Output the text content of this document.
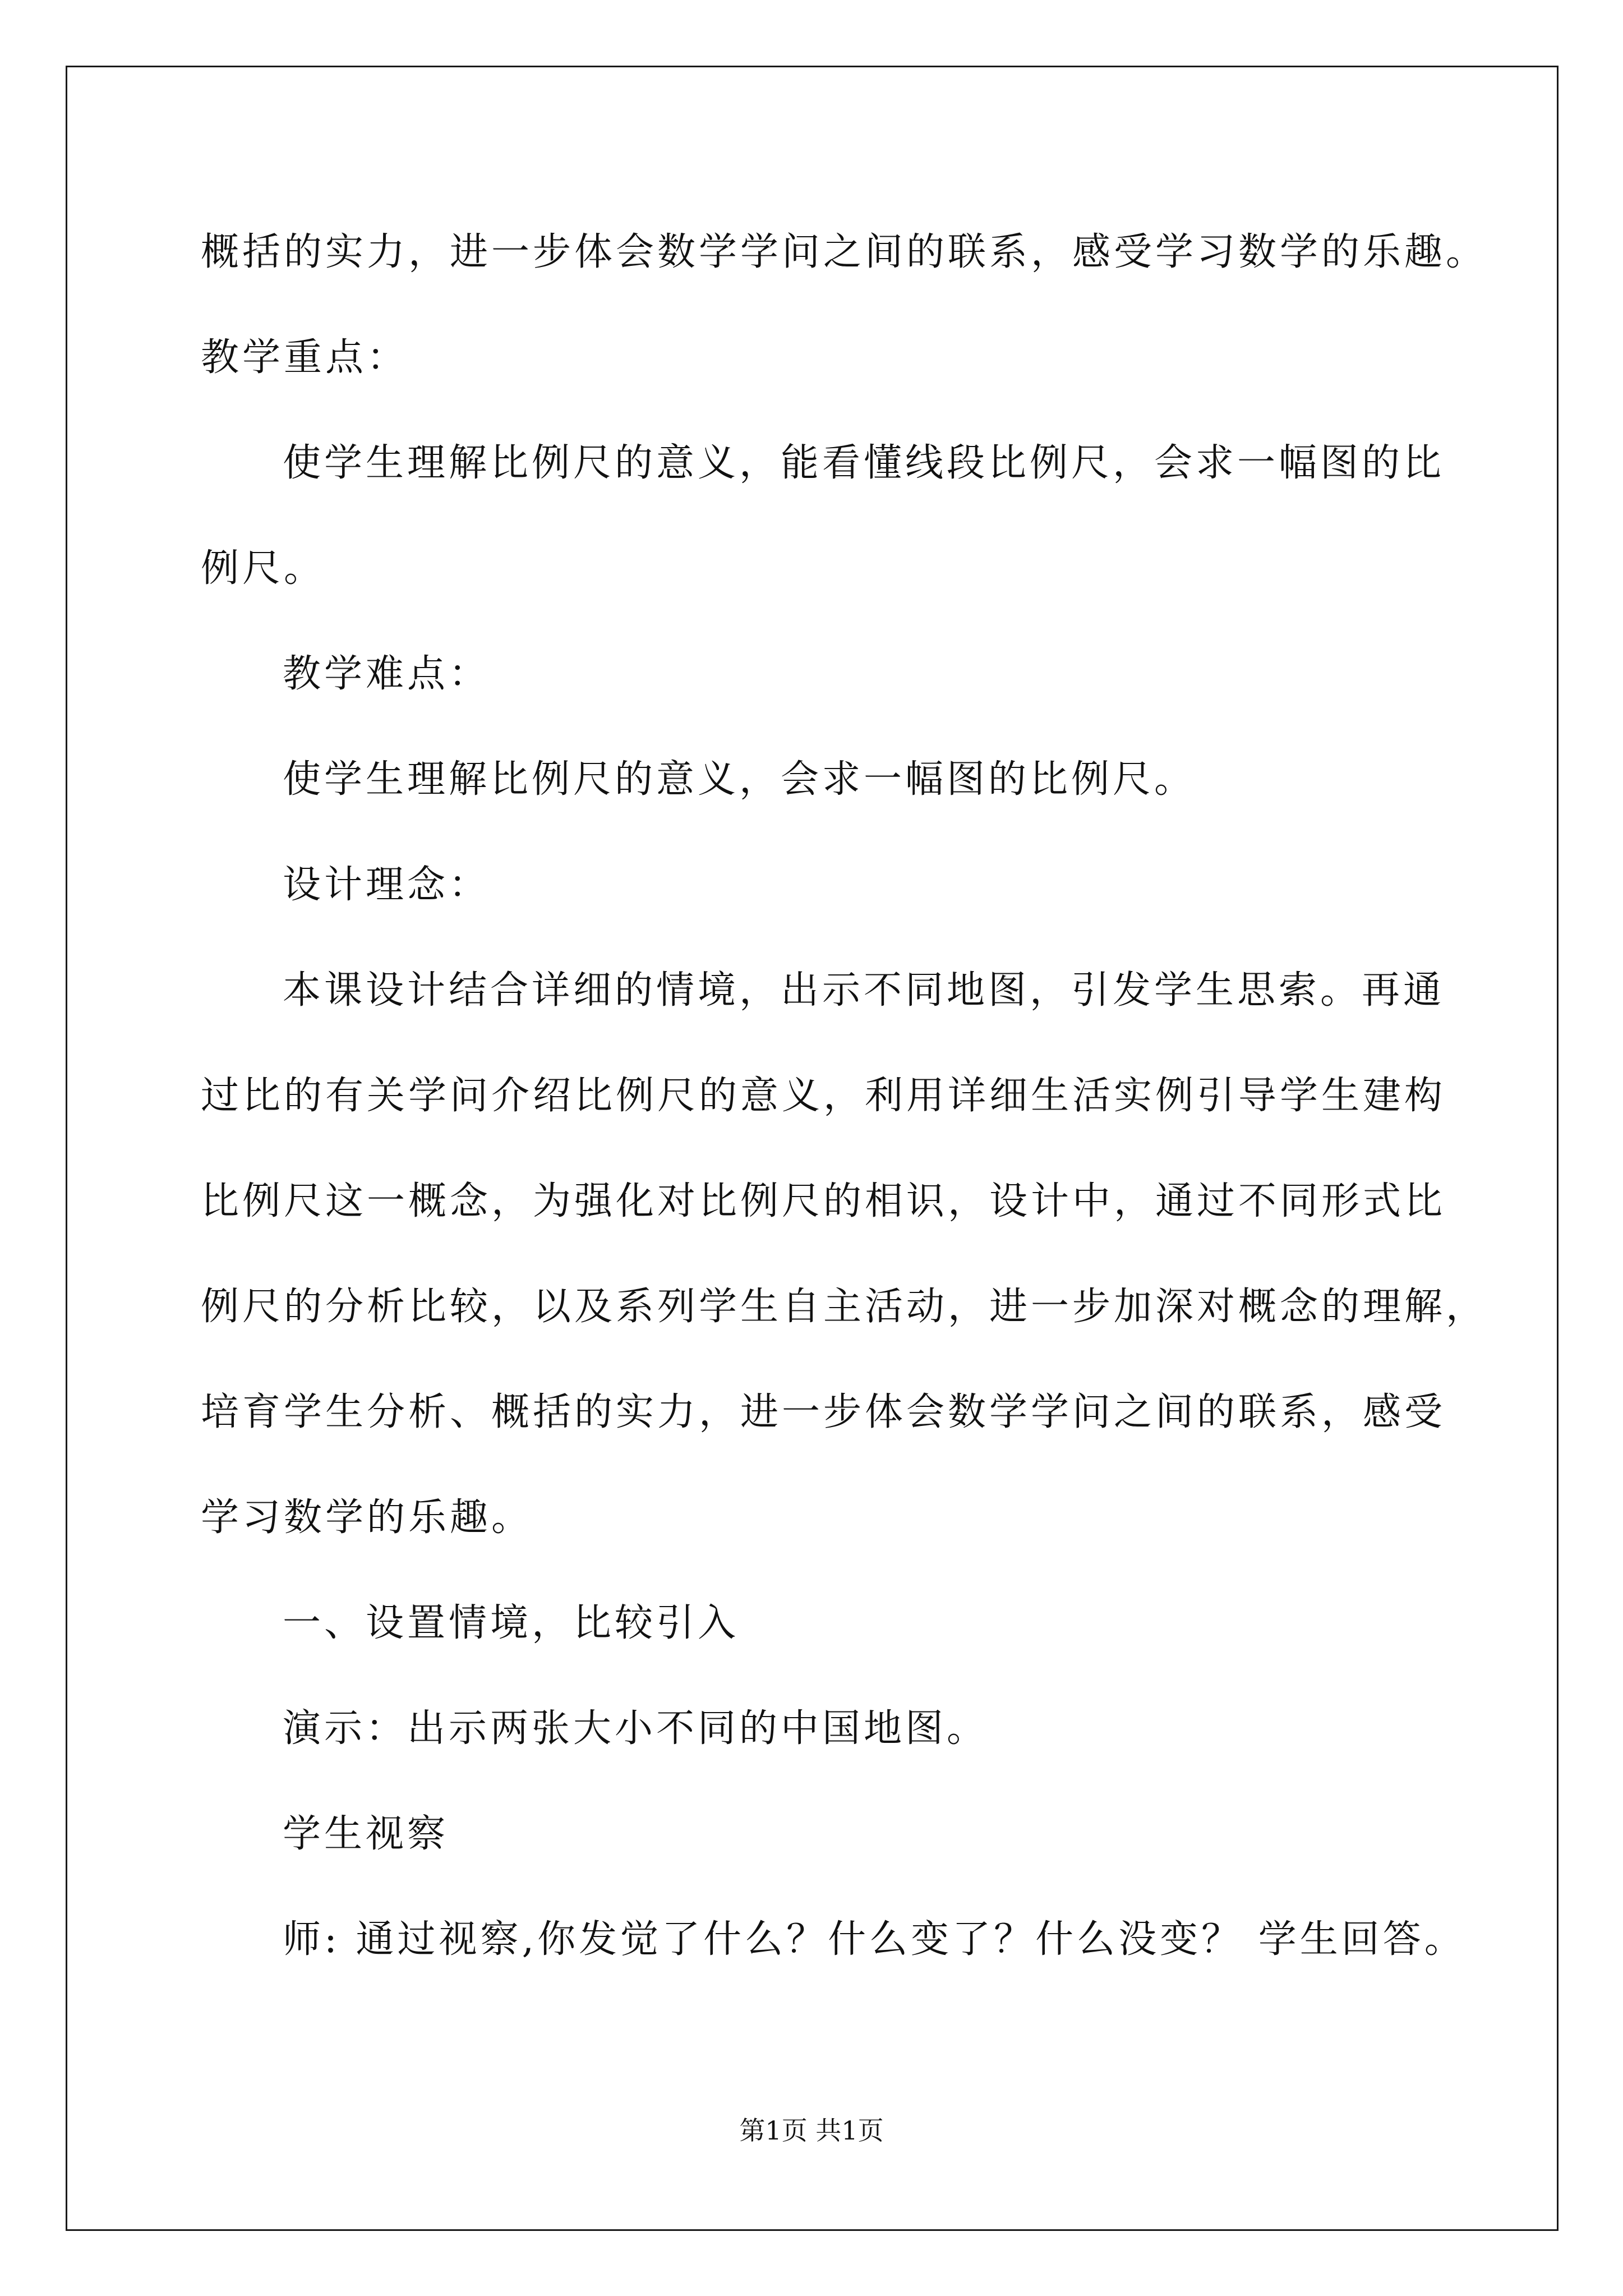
概括的实力，进一步体会数学学问之间的联系，感受学习数学的乐趣。

教学重点：

使学生理解比例尺的意义，能看懂线段比例尺，会求一幅图的比

例尺。

教学难点：

使学生理解比例尺的意义，会求一幅图的比例尺。

设计理念：

本课设计结合详细的情境，出示不同地图，引发学生思索。再通

过比的有关学问介绍比例尺的意义，利用详细生活实例引导学生建构

比例尺这一概念，为强化对比例尺的相识，设计中，通过不同形式比

例尺的分析比较，以及系列学生自主活动，进一步加深对概念的理解，

培育学生分析、概括的实力，进一步体会数学学问之间的联系，感受

学习数学的乐趣。

一、设置情境，比较引入

演示：出示两张大小不同的中国地图。

学生视察

师: 通过视察,你发觉了什么？什么变了？什么没变？ 学生回答。

第1页 共1页
